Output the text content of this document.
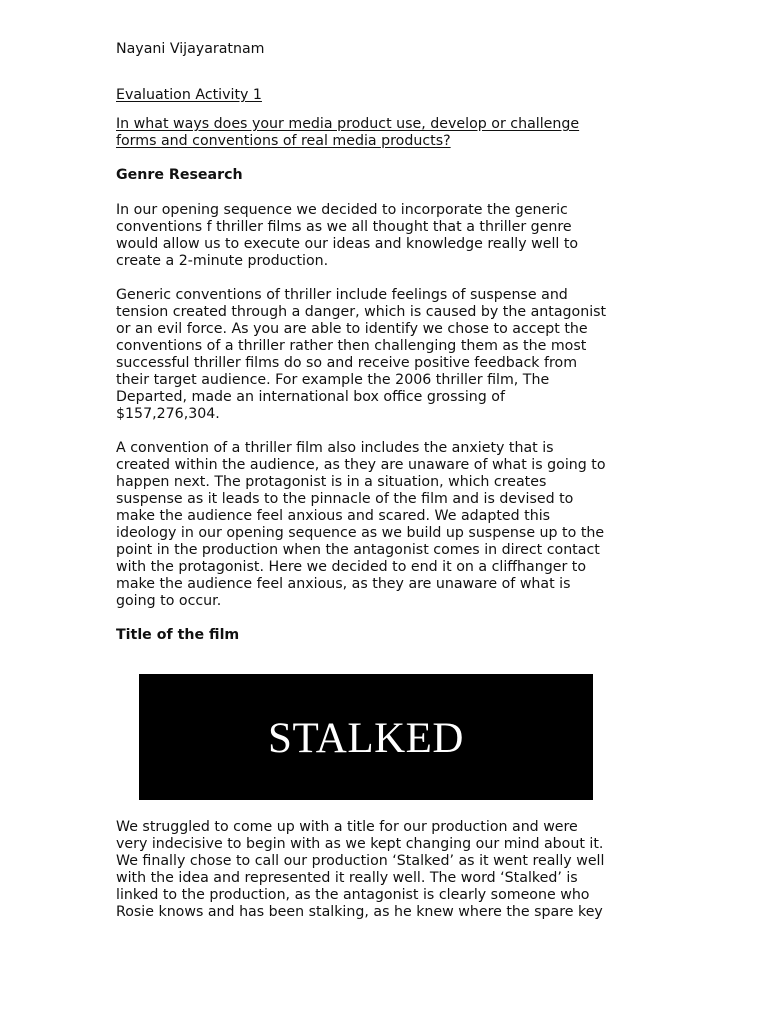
Nayani Vijayaratnam
Evaluation Activity 1
In what ways does your media product use, develop or challenge
forms and conventions of real media products?
Genre Research
In our opening sequence we decided to incorporate the generic
conventions f thriller films as we all thought that a thriller genre
would allow us to execute our ideas and knowledge really well to
create a 2-minute production.
Generic conventions of thriller include feelings of suspense and
tension created through a danger, which is caused by the antagonist
or an evil force. As you are able to identify we chose to accept the
conventions of a thriller rather then challenging them as the most
successful thriller films do so and receive positive feedback from
their target audience. For example the 2006 thriller film, The
Departed, made an international box office grossing of
$157,276,304.
A convention of a thriller film also includes the anxiety that is
created within the audience, as they are unaware of what is going to
happen next. The protagonist is in a situation, which creates
suspense as it leads to the pinnacle of the film and is devised to
make the audience feel anxious and scared. We adapted this
ideology in our opening sequence as we build up suspense up to the
point in the production when the antagonist comes in direct contact
with the protagonist. Here we decided to end it on a cliffhanger to
make the audience feel anxious, as they are unaware of what is
going to occur.
Title of the film
STALKED
We struggled to come up with a title for our production and were
very indecisive to begin with as we kept changing our mind about it.
We finally chose to call our production ‘Stalked’ as it went really well
with the idea and represented it really well. The word ‘Stalked’ is
linked to the production, as the antagonist is clearly someone who
Rosie knows and has been stalking, as he knew where the spare key
